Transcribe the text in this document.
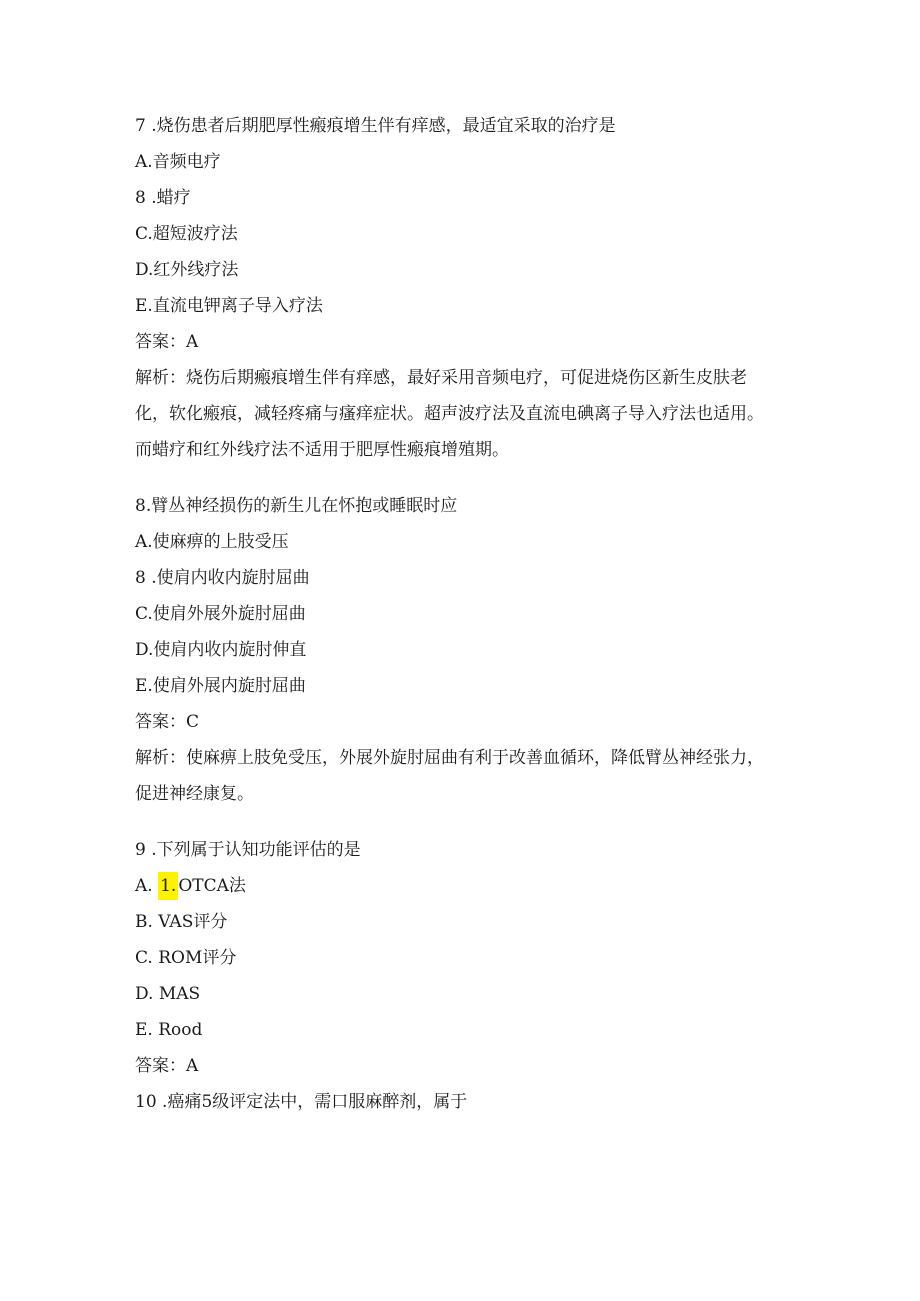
7 .烧伤患者后期肥厚性瘢痕增生伴有痒感，最适宜采取的治疗是
A.音频电疗
8 .蜡疗
C.超短波疗法
D.红外线疗法
E.直流电钾离子导入疗法
答案：A
解析：烧伤后期瘢痕增生伴有痒感，最好采用音频电疗，可促进烧伤区新生皮肤老化，软化瘢痕，减轻疼痛与瘙痒症状。超声波疗法及直流电碘离子导入疗法也适用。而蜡疗和红外线疗法不适用于肥厚性瘢痕增殖期。
8.臂丛神经损伤的新生儿在怀抱或睡眠时应
A.使麻痹的上肢受压
8 .使肩内收内旋肘屈曲
C.使肩外展外旋肘屈曲
D.使肩内收内旋肘伸直
E.使肩外展内旋肘屈曲
答案：C
解析：使麻痹上肢免受压，外展外旋肘屈曲有利于改善血循环，降低臂丛神经张力，促进神经康复。
9 .下列属于认知功能评估的是
A. 1. OTCA法
B. VAS评分
C. ROM评分
D. MAS
E. Rood
答案：A
10 .癌痛5级评定法中，需口服麻醉剂，属于
